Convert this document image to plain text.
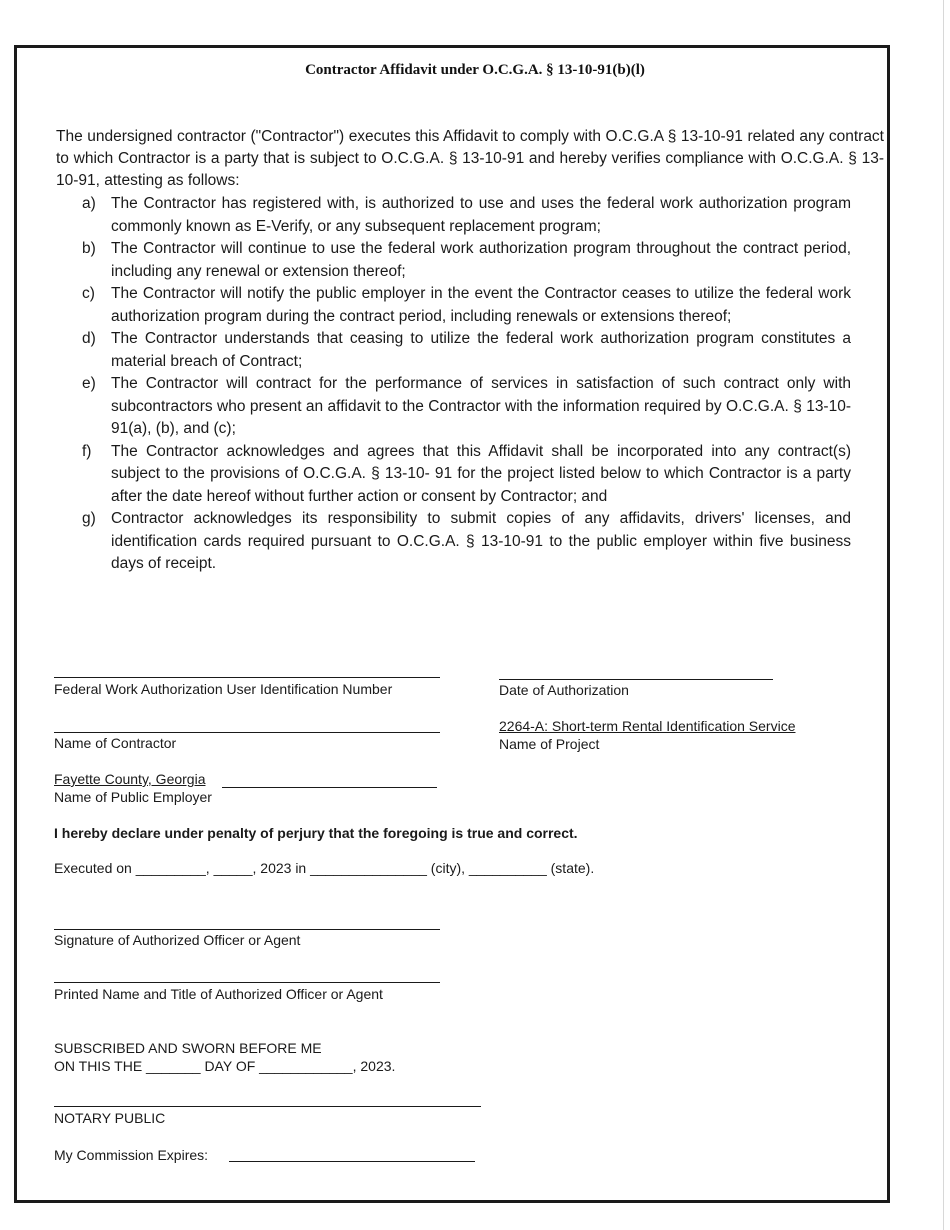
Contractor Affidavit under O.C.G.A. § 13-10-91(b)(l)
The undersigned contractor ("Contractor") executes this Affidavit to comply with O.C.G.A § 13-10-91 related any contract to which Contractor is a party that is subject to O.C.G.A. § 13-10-91 and hereby verifies compliance with O.C.G.A. § 13-10-91, attesting as follows:
a) The Contractor has registered with, is authorized to use and uses the federal work authorization program commonly known as E-Verify, or any subsequent replacement program;
b) The Contractor will continue to use the federal work authorization program throughout the contract period, including any renewal or extension thereof;
c) The Contractor will notify the public employer in the event the Contractor ceases to utilize the federal work authorization program during the contract period, including renewals or extensions thereof;
d) The Contractor understands that ceasing to utilize the federal work authorization program constitutes a material breach of Contract;
e) The Contractor will contract for the performance of services in satisfaction of such contract only with subcontractors who present an affidavit to the Contractor with the information required by O.C.G.A. § 13-10-91(a), (b), and (c);
f) The Contractor acknowledges and agrees that this Affidavit shall be incorporated into any contract(s) subject to the provisions of O.C.G.A. § 13-10- 91 for the project listed below to which Contractor is a party after the date hereof without further action or consent by Contractor; and
g) Contractor acknowledges its responsibility to submit copies of any affidavits, drivers' licenses, and identification cards required pursuant to O.C.G.A. § 13-10-91 to the public employer within five business days of receipt.
Federal Work Authorization User Identification Number	Date of Authorization
Name of Contractor
2264-A: Short-term Rental Identification Service
Name of Project
Fayette County, Georgia
Name of Public Employer
I hereby declare under penalty of perjury that the foregoing is true and correct.
Executed on _________, _____, 2023 in _______________ (city), __________ (state).
Signature of Authorized Officer or Agent
Printed Name and Title of Authorized Officer or Agent
SUBSCRIBED AND SWORN BEFORE ME
ON THIS THE _______ DAY OF ____________, 2023.
NOTARY PUBLIC
My Commission Expires:
